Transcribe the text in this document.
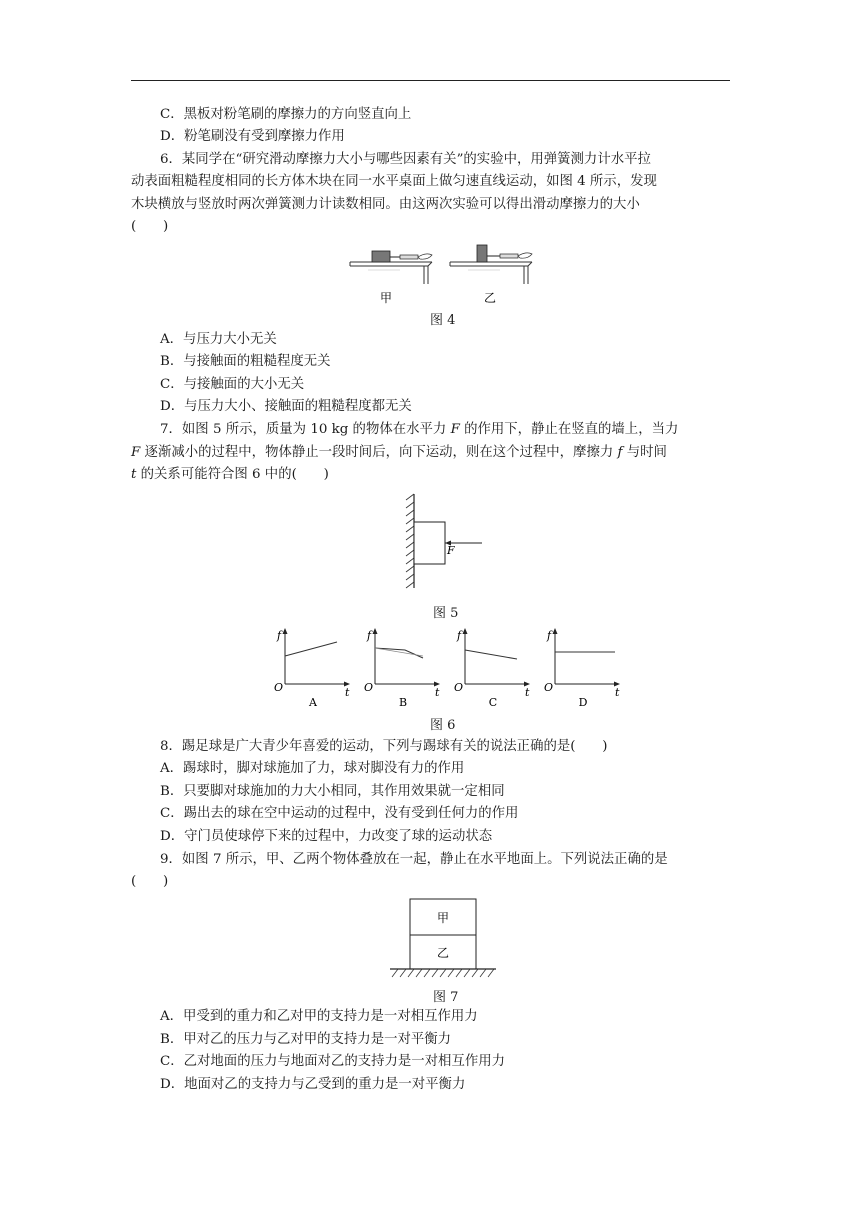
C．黑板对粉笔刷的摩擦力的方向竖直向上
D．粉笔刷没有受到摩擦力作用
6．某同学在“研究滑动摩擦力大小与哪些因素有关”的实验中，用弹簧测力计水平拉
动表面粗糙程度相同的长方体木块在同一水平桌面上做匀速直线运动，如图 4 所示，发现
木块横放与竖放时两次弹簧测力计读数相同。由这两次实验可以得出滑动摩擦力的大小
(　　)
甲	乙
图 4
A．与压力大小无关
B．与接触面的粗糙程度无关
C．与接触面的大小无关
D．与压力大小、接触面的粗糙程度都无关
7．如图 5 所示，质量为 10 kg 的物体在水平力 F 的作用下，静止在竖直的墙上，当力
F 逐渐减小的过程中，物体静止一段时间后，向下运动，则在这个过程中，摩擦力 f 与时间
t 的关系可能符合图 6 中的(　　)
F
图 5
f
t
O
A
f
t
O
B
f
t
O
C
f
t
O
D
图 6
8．踢足球是广大青少年喜爱的运动，下列与踢球有关的说法正确的是(　　)
A．踢球时，脚对球施加了力，球对脚没有力的作用
B．只要脚对球施加的力大小相同，其作用效果就一定相同
C．踢出去的球在空中运动的过程中，没有受到任何力的作用
D．守门员使球停下来的过程中，力改变了球的运动状态
9．如图 7 所示，甲、乙两个物体叠放在一起，静止在水平地面上。下列说法正确的是
(　　)
甲
乙
图 7
A．甲受到的重力和乙对甲的支持力是一对相互作用力
B．甲对乙的压力与乙对甲的支持力是一对平衡力
C．乙对地面的压力与地面对乙的支持力是一对相互作用力
D．地面对乙的支持力与乙受到的重力是一对平衡力
